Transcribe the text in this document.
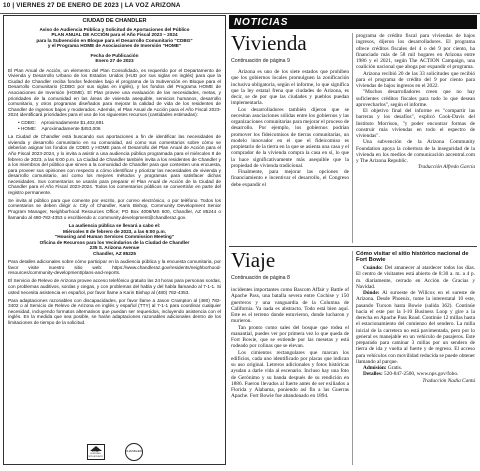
10 | VIERNES 27 DE ENERO DE 2023 | LA VOZ ARIZONA
CIUDAD DE CHANDLER
Aviso de Audiencia Pública y Solicitud de Aportaciones del Público
PLAN ANUAL DE ACCIÓN para el Año Fiscal 2023 – 2024
para la Subvención en Bloque para el Desarrollo Comunitario "CDBG"
y el Programa HOME de Asociaciones de Inversión "HOME"
Fecha de Publicación
Enero 27 de 2023

El Plan Anual de Acción, un elemento del Plan Consolidado, es requerido por el Departamento de Vivienda y Desarrollo Urbano de los Estados Unidos (HUD por sus siglas en inglés) para que la Ciudad de Chandler reciba fondos federales bajo el programa de la Subvención en Bloque para el Desarrollo Comunitario (CDBG por sus siglas en inglés), y los fondos del Programa HOME de Asociaciones de Inversión (HOME). El Plan provee una evaluación de las necesidades, metas, y prioridades de la comunidad en las áreas de vivienda asequible, servicios humanos, desarrollo comunitario, y otros programas diseñados para mejorar la calidad de vida de los residentes de Chandler de ingresos bajos y moderados. Además, el Plan Anual de Acción para el Año Fiscal 2023-2024 identificará prioridades para el uso de los siguientes recursos (cantidades estimadas):

• CDBG: Aproximadamente $1,402,691
• HOME: Aproximadamente $453,006

La Ciudad de Chandler está buscando sus aportaciones a fin de identificar las necesidades de vivienda y desarrollo comunitario en su comunidad, así como sus comentarios sobre cómo se deberían asignar los fondos de CDBG y HOME para el Desarrollo del Plan Anual de Acción para el Año Fiscal 2023-2024, y lo invita a asistir a una audiencia pública programada para el miércoles 8 de febrero de 2023, a las 6:00 p.m. La Ciudad de Chandler también invita a los residentes de Chandler y a los miembros del público que sirven a la comunidad de Chandler para que contesten una encuesta, para proveer sus opiniones con respecto a cómo identificar y priorizar las necesidades de vivienda y desarrollo comunitario, así como los mejores métodos y programas para satisfacer dichas necesidades. Sus comentarios se usarán para preparar el Plan Anual de Acción de la Ciudad de Chandler para el Año Fiscal 2023-2024. Todos los comentarios públicos se convertirán en parte del registro permanente.

Se invita al público para que comente por escrito, por correo electrónico, o por teléfono. Todos los comentarios se deben dirigir a: City of Chandler, Karin Bishop, Community Development Senior Program Manager, Neighborhood Resources Office; PO Box 4008/MS 600, Chandler, AZ 85244 o llamando al 480-782-4353 o escribiendo a: community.development@chandleraz.gov.

La audiencia pública se llevará a cabo el:
Miércoles 8 de febrero de 2023, a las 6:00 p.m.
"Housing and Human Services Commission Meeting"
Oficina de Recursos para los Vecindarios de la Ciudad de Chandler
235 S. Arizona Avenue
Chandler, AZ 85225

Para detalles adicionales sobre cómo participar en la audiencia pública y la encuesta comunitaria, por favor visite nuestro sitio web: https://www.chandleraz.gov/residents/neighborhood-resources/community-development/plans-and-reports.

El Servicio de Relevo de Arizona provee acceso telefónico gratuito las 24 horas para personas sordas, con problemas auditivos, sordas y ciegas, y con problemas del habla y del habla llamando al 7-1-1. Si usted necesita asistencia en español, por favor llame a Karin Bishop al (480) 782-4353.

Para adaptaciones razonables con discapacidades, por favor llame a Jason Crampton al (480) 782-3402 o al Servicio de Relevo de Arizona en inglés y español (TTY) al 7-1-1 para coordinar cualquier necesidad, incluyendo formatos alternativos que puedan ser requeridos, incluyendo asistencia con el inglés. En la medida que sea posible, se harán adaptaciones razonables adicionales dentro de los limitaciones de tiempo de la solicitud.

EQUAL HOUSING OPPORTUNITY
CHANDLER
NOTICIAS
Vivienda
Continuación de página 9

Arizona es uno de los siete estados que prohíben que los gobiernos locales promulguen la zonificación inclusiva obligatoria, según el informe, lo que significa que la ley estatal frena que ciudades de Arizona, es decir, se de por que las ciudades y pueblos puedan implementarla.

Los desarrolladores también dijeron que se necesitan asociaciones sólidas entre los gobiernos y las organizaciones comunitarias para mejorar el proceso de desarrollo. Por ejemplo, los gobiernos podrían promover los fideicomisos de tierras comunitarias, un modelo innovador en el que el fideicomiso es propietario de la tierra en la que se asienta una casa y el comprador de la vivienda compra la casa en sí, lo que la hace significativamente más asequible que la propiedad de vivienda tradicional.

Finalmente, para mejorar las opciones de financiamiento e incentivar el desarrollo, el Congreso debe expandir el

programa de crédito fiscal para viviendas de bajos ingresos, dijeron los desarrolladores. El programa ofrece créditos fiscales del 4 o del 9 por ciento, ha financiado más de 58 mil hogares en Arizona entre 1986 y el 2021, según The ACTION Campaign, una coalición nacional que aboga por expandir el programa.

Arizona recibió 20 de las 33 solicitudes que recibió para el programa de crédito del 9 por ciento para viviendas de bajos ingresos en el 2022.

"Muchos desarrolladores creen que no hay suficientes créditos fiscales para todo lo que desean aprovecharlos", según el informe.

El objetivo final del informe es "compartir las barreras y los desafíos", explicó Cook-Davis del Instituto Morrison, "y poder encontrar formas de construir más viviendas en todo el espectro de viviendas".

Una subvención de la Arizona Community Foundation apoya la cobertura de la inseguridad de la vivienda en los medios de comunicación azcentral.com y The Arizona Republic.

Traducción Alfredo García
Viaje
Continuación de página 8

incidentes importantes como Bascom Affair y Battle of Apache Pass, una batalla severa entre Cochise y 150 guerreros y una vanguardia de la Columna de California. Ya nada es abstracto. Todo está bien aquí. Este es el terreno donde estuvieron, donde lucharon y murieron.

Tan pronto como sales del bosque que rodea el manantial, puedes ver por primera vez lo que queda de Fort Bowie, que se extiende por las mesetas y está rodeado por colinas que se elevan.

Los cimientos rectangulares que marcan los edificios, cada uno identificado por placas que indican su uso original. Letreros adicionales y fotos históricas ayudan a darle vida al escenario. Incluso hay una foto de Gerónimo y su banda después de su rendición en 1886. Fueron llevados al fuerte antes de ser exiliados a Florida y Alabama, poniendo así fin a las Guerras Apache. Fort Bowie fue abandonado en 1894.

Cómo visitar el sitio histórico nacional de Fort Bowie

Cuándo: Del amanecer al atardecer todos los días. El centro de visitantes está abierto de 8:30 a. m. a 4 p. m. diariamente, cerrado en Acción de Gracias y Navidad.

Dónde: Al suroeste de Willcox en el sureste de Arizona. Desde Phoenix, tome la interestatal 10 este, pasando Tucson hasta Bowie (salida 362). Continúe hacia el este por la I-10 Business Loop y gire a la derecha en Apache Pass Road. Continúe 12 millas hasta el estacionamiento del comienzo del sendero. La milla inicial de la carretera no está pavimentada, pero por lo general es manejable en un vehículo de pasajeros. Este preparado para caminar 3 millas por un sendero de tierra de ida y vuelta al fuerte y de regreso. El acceso para vehículos con movilidad reducida se puede obtener llamando al parque.

Admisión: Gratis.

Detalles: 520-847-2500, www.nps.gov/fobo.

Traducción Nadia Cantú
